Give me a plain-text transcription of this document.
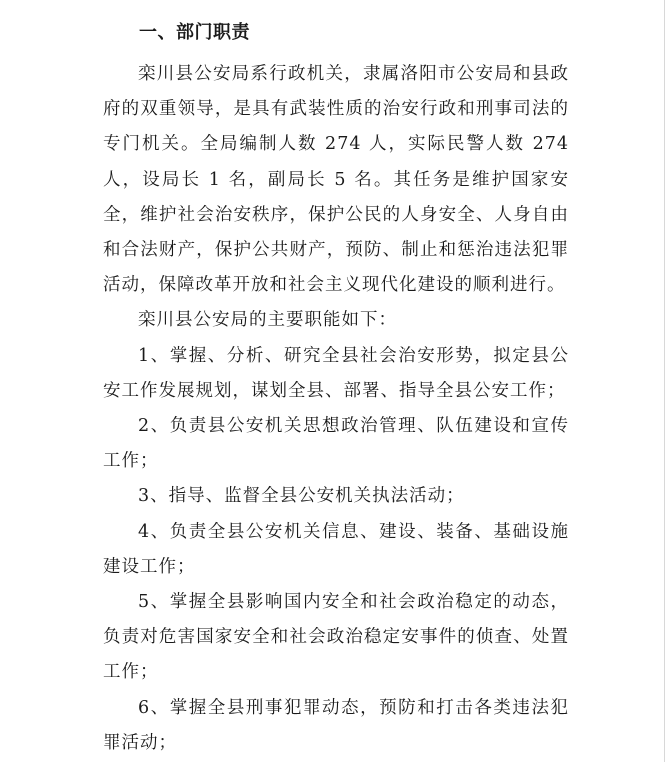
一、部门职责

栾川县公安局系行政机关，隶属洛阳市公安局和县政府的双重领导，是具有武装性质的治安行政和刑事司法的专门机关。全局编制人数 274 人，实际民警人数 274 人，设局长 1 名，副局长 5 名。其任务是维护国家安全，维护社会治安秩序，保护公民的人身安全、人身自由和合法财产，保护公共财产，预防、制止和惩治违法犯罪活动，保障改革开放和社会主义现代化建设的顺利进行。

栾川县公安局的主要职能如下：

1、掌握、分析、研究全县社会治安形势，拟定县公安工作发展规划，谋划全县、部署、指导全县公安工作；

2、负责县公安机关思想政治管理、队伍建设和宣传工作；

3、指导、监督全县公安机关执法活动；

4、负责全县公安机关信息、建设、装备、基础设施建设工作；

5、掌握全县影响国内安全和社会政治稳定的动态，负责对危害国家安全和社会政治稳定安事件的侦查、处置工作；

6、掌握全县刑事犯罪动态，预防和打击各类违法犯罪活动；
